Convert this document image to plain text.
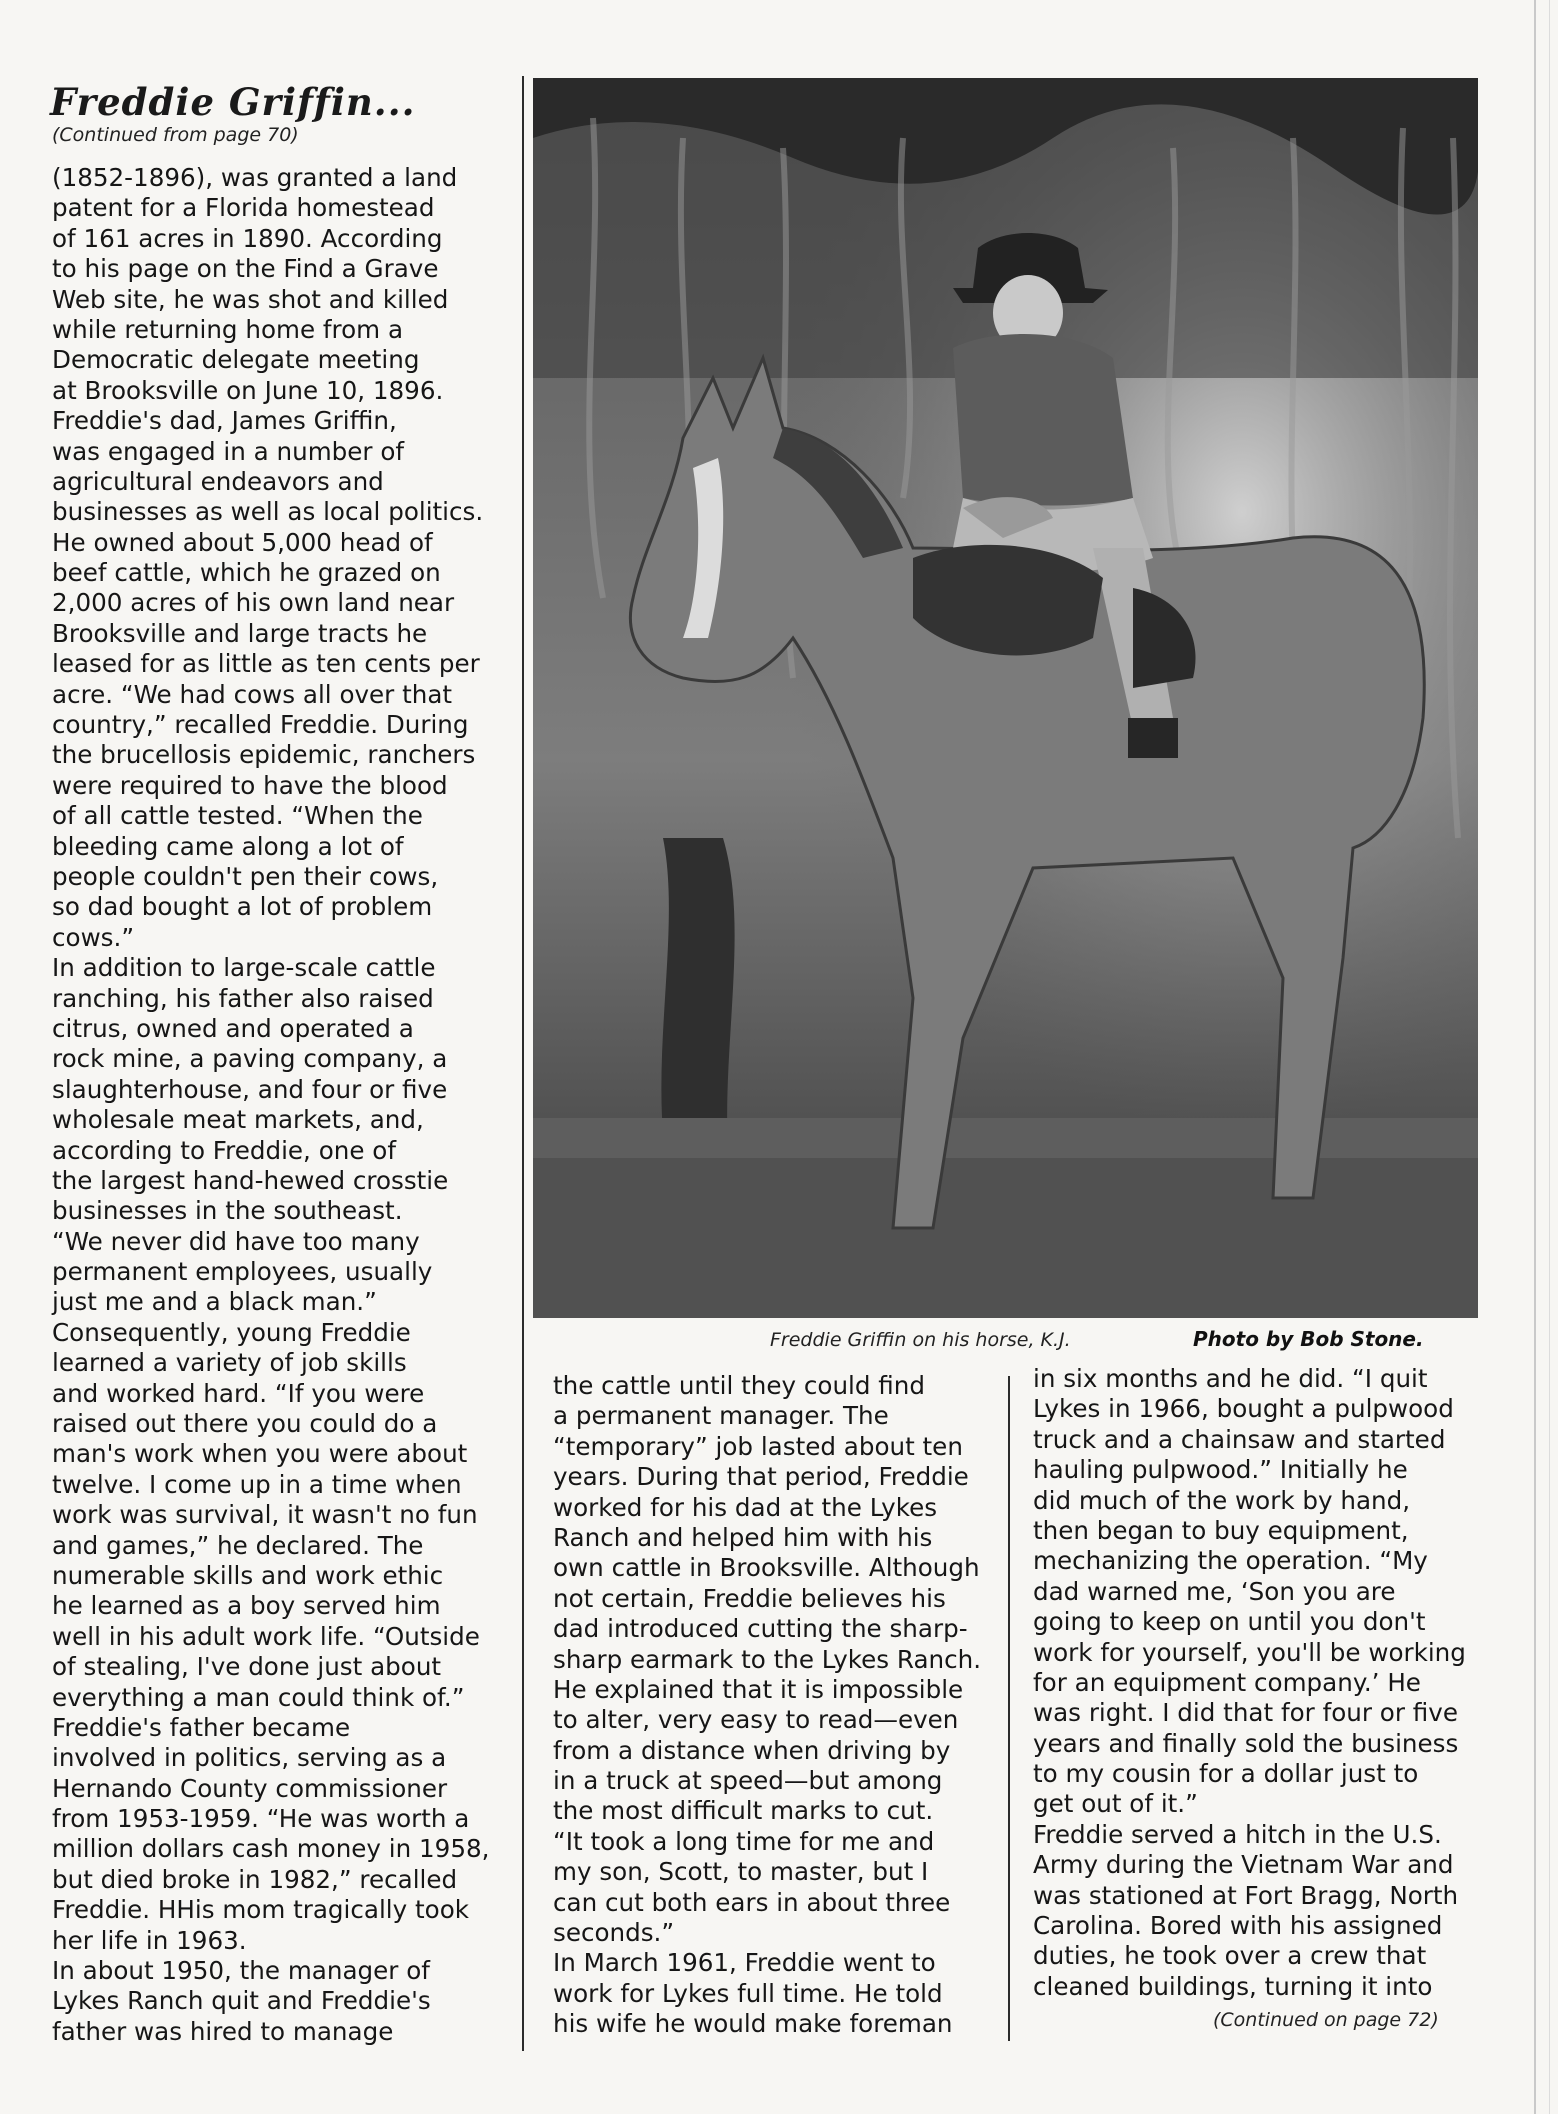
Freddie Griffin...
(Continued from page 70)
(1852-1896), was granted a land
patent for a Florida homestead
of 161 acres in 1890. According
to his page on the Find a Grave
Web site, he was shot and killed
while returning home from a
Democratic delegate meeting
at Brooksville on June 10, 1896.
Freddie's dad, James Griffin,
was engaged in a number of
agricultural endeavors and
businesses as well as local politics.
He owned about 5,000 head of
beef cattle, which he grazed on
2,000 acres of his own land near
Brooksville and large tracts he
leased for as little as ten cents per
acre. “We had cows all over that
country,” recalled Freddie. During
the brucellosis epidemic, ranchers
were required to have the blood
of all cattle tested. “When the
bleeding came along a lot of
people couldn't pen their cows,
so dad bought a lot of problem
cows.”
In addition to large-scale cattle
ranching, his father also raised
citrus, owned and operated a
rock mine, a paving company, a
slaughterhouse, and four or five
wholesale meat markets, and,
according to Freddie, one of
the largest hand-hewed crosstie
businesses in the southeast.
“We never did have too many
permanent employees, usually
just me and a black man.”
Consequently, young Freddie
learned a variety of job skills
and worked hard. “If you were
raised out there you could do a
man's work when you were about
twelve. I come up in a time when
work was survival, it wasn't no fun
and games,” he declared. The
numerable skills and work ethic
he learned as a boy served him
well in his adult work life. “Outside
of stealing, I've done just about
everything a man could think of.”
Freddie's father became
involved in politics, serving as a
Hernando County commissioner
from 1953-1959. “He was worth a
million dollars cash money in 1958,
but died broke in 1982,” recalled
Freddie. HHis mom tragically took
her life in 1963.
In about 1950, the manager of
Lykes Ranch quit and Freddie's
father was hired to manage
Freddie Griffin on his horse, K.J.	Photo by Bob Stone.
the cattle until they could find
a permanent manager. The
“temporary” job lasted about ten
years. During that period, Freddie
worked for his dad at the Lykes
Ranch and helped him with his
own cattle in Brooksville. Although
not certain, Freddie believes his
dad introduced cutting the sharp-
sharp earmark to the Lykes Ranch.
He explained that it is impossible
to alter, very easy to read—even
from a distance when driving by
in a truck at speed—but among
the most difficult marks to cut.
“It took a long time for me and
my son, Scott, to master, but I
can cut both ears in about three
seconds.”
In March 1961, Freddie went to
work for Lykes full time. He told
his wife he would make foreman
in six months and he did. “I quit
Lykes in 1966, bought a pulpwood
truck and a chainsaw and started
hauling pulpwood.” Initially he
did much of the work by hand,
then began to buy equipment,
mechanizing the operation. “My
dad warned me, ‘Son you are
going to keep on until you don't
work for yourself, you'll be working
for an equipment company.’ He
was right. I did that for four or five
years and finally sold the business
to my cousin for a dollar just to
get out of it.”
Freddie served a hitch in the U.S.
Army during the Vietnam War and
was stationed at Fort Bragg, North
Carolina. Bored with his assigned
duties, he took over a crew that
cleaned buildings, turning it into
(Continued on page 72)
